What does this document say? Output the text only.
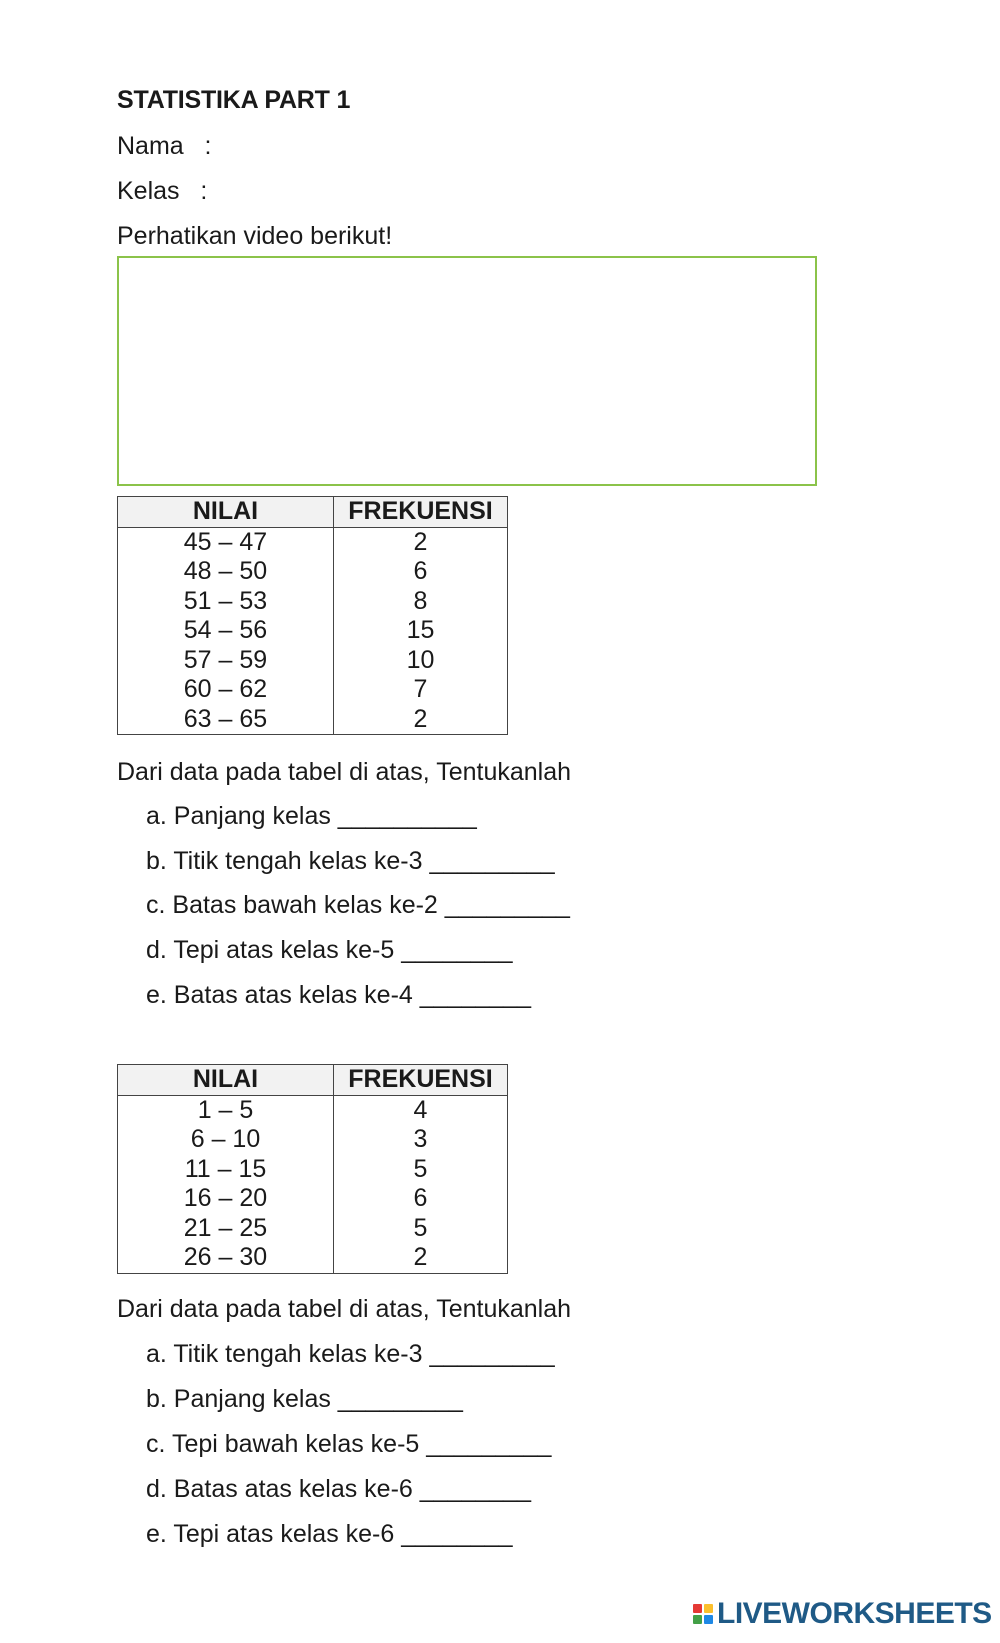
STATISTIKA PART 1
Nama   :
Kelas   :
Perhatikan video berikut!
NILAI	FREKUENSI
45 – 47	2
48 – 50	6
51 – 53	8
54 – 56	15
57 – 59	10
60 – 62	7
63 – 65	2
Dari data pada tabel di atas, Tentukanlah
a. Panjang kelas __________
b. Titik tengah kelas ke-3 _________
c. Batas bawah kelas ke-2 _________
d. Tepi atas kelas ke-5 ________
e. Batas atas kelas ke-4 ________
NILAI	FREKUENSI
1 – 5	4
6 – 10	3
11 – 15	5
16 – 20	6
21 – 25	5
26 – 30	2
Dari data pada tabel di atas, Tentukanlah
a. Titik tengah kelas ke-3 _________
b. Panjang kelas _________
c. Tepi bawah kelas ke-5 _________
d. Batas atas kelas ke-6 ________
e. Tepi atas kelas ke-6 ________
LIVEWORKSHEETS
